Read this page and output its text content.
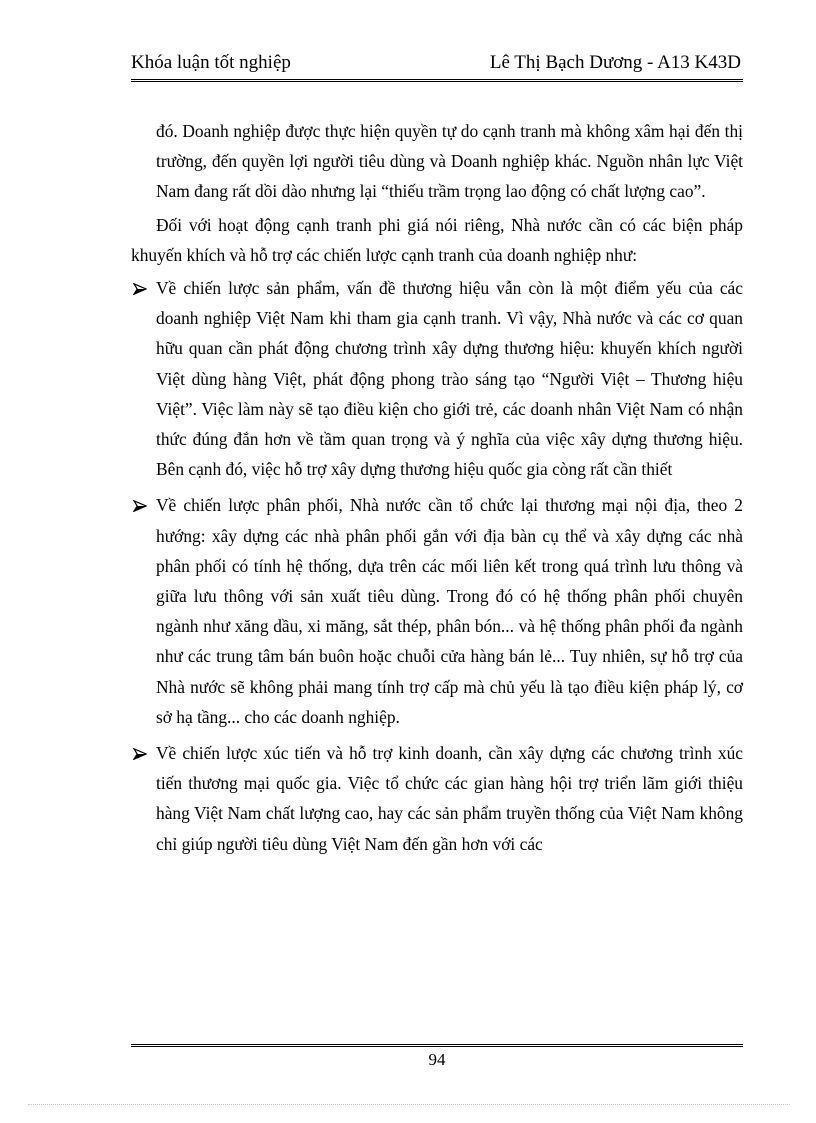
Khóa luận tốt nghiệp	Lê Thị Bạch Dương - A13 K43D

đó. Doanh nghiệp được thực hiện quyền tự do cạnh tranh mà không xâm hại đến thị trường, đến quyền lợi người tiêu dùng và Doanh nghiệp khác. Nguồn nhân lực Việt Nam đang rất dồi dào nhưng lại “thiếu trầm trọng lao động có chất lượng cao”.

Đối với hoạt động cạnh tranh phi giá nói riêng, Nhà nước cần có các biện pháp khuyến khích và hỗ trợ các chiến lược cạnh tranh của doanh nghiệp như:

Về chiến lược sản phẩm, vấn đề thương hiệu vẫn còn là một điểm yếu của các doanh nghiệp Việt Nam khi tham gia cạnh tranh. Vì vậy, Nhà nước và các cơ quan hữu quan cần phát động chương trình xây dựng thương hiệu: khuyến khích người Việt dùng hàng Việt, phát động phong trào sáng tạo “Người Việt – Thương hiệu Việt”. Việc làm này sẽ tạo điều kiện cho giới trẻ, các doanh nhân Việt Nam có nhận thức đúng đắn hơn về tầm quan trọng và ý nghĩa của việc xây dựng thương hiệu. Bên cạnh đó, việc hỗ trợ xây dựng thương hiệu quốc gia còng rất cần thiết

Về chiến lược phân phối, Nhà nước cần tổ chức lại thương mại nội địa, theo 2 hướng: xây dựng các nhà phân phối gắn với địa bàn cụ thể và xây dựng các nhà phân phối có tính hệ thống, dựa trên các mối liên kết trong quá trình lưu thông và giữa lưu thông với sản xuất tiêu dùng. Trong đó có hệ thống phân phối chuyên ngành như xăng dầu, xi măng, sắt thép, phân bón... và hệ thống phân phối đa ngành như các trung tâm bán buôn hoặc chuỗi cửa hàng bán lẻ... Tuy nhiên, sự hỗ trợ của Nhà nước sẽ không phải mang tính trợ cấp mà chủ yếu là tạo điều kiện pháp lý, cơ sở hạ tầng... cho các doanh nghiệp.

Về chiến lược xúc tiến và hỗ trợ kinh doanh, cần xây dựng các chương trình xúc tiến thương mại quốc gia. Việc tổ chức các gian hàng hội trợ triển lãm giới thiệu hàng Việt Nam chất lượng cao, hay các sản phẩm truyền thống của Việt Nam không chỉ giúp người tiêu dùng Việt Nam đến gần hơn với các

94
